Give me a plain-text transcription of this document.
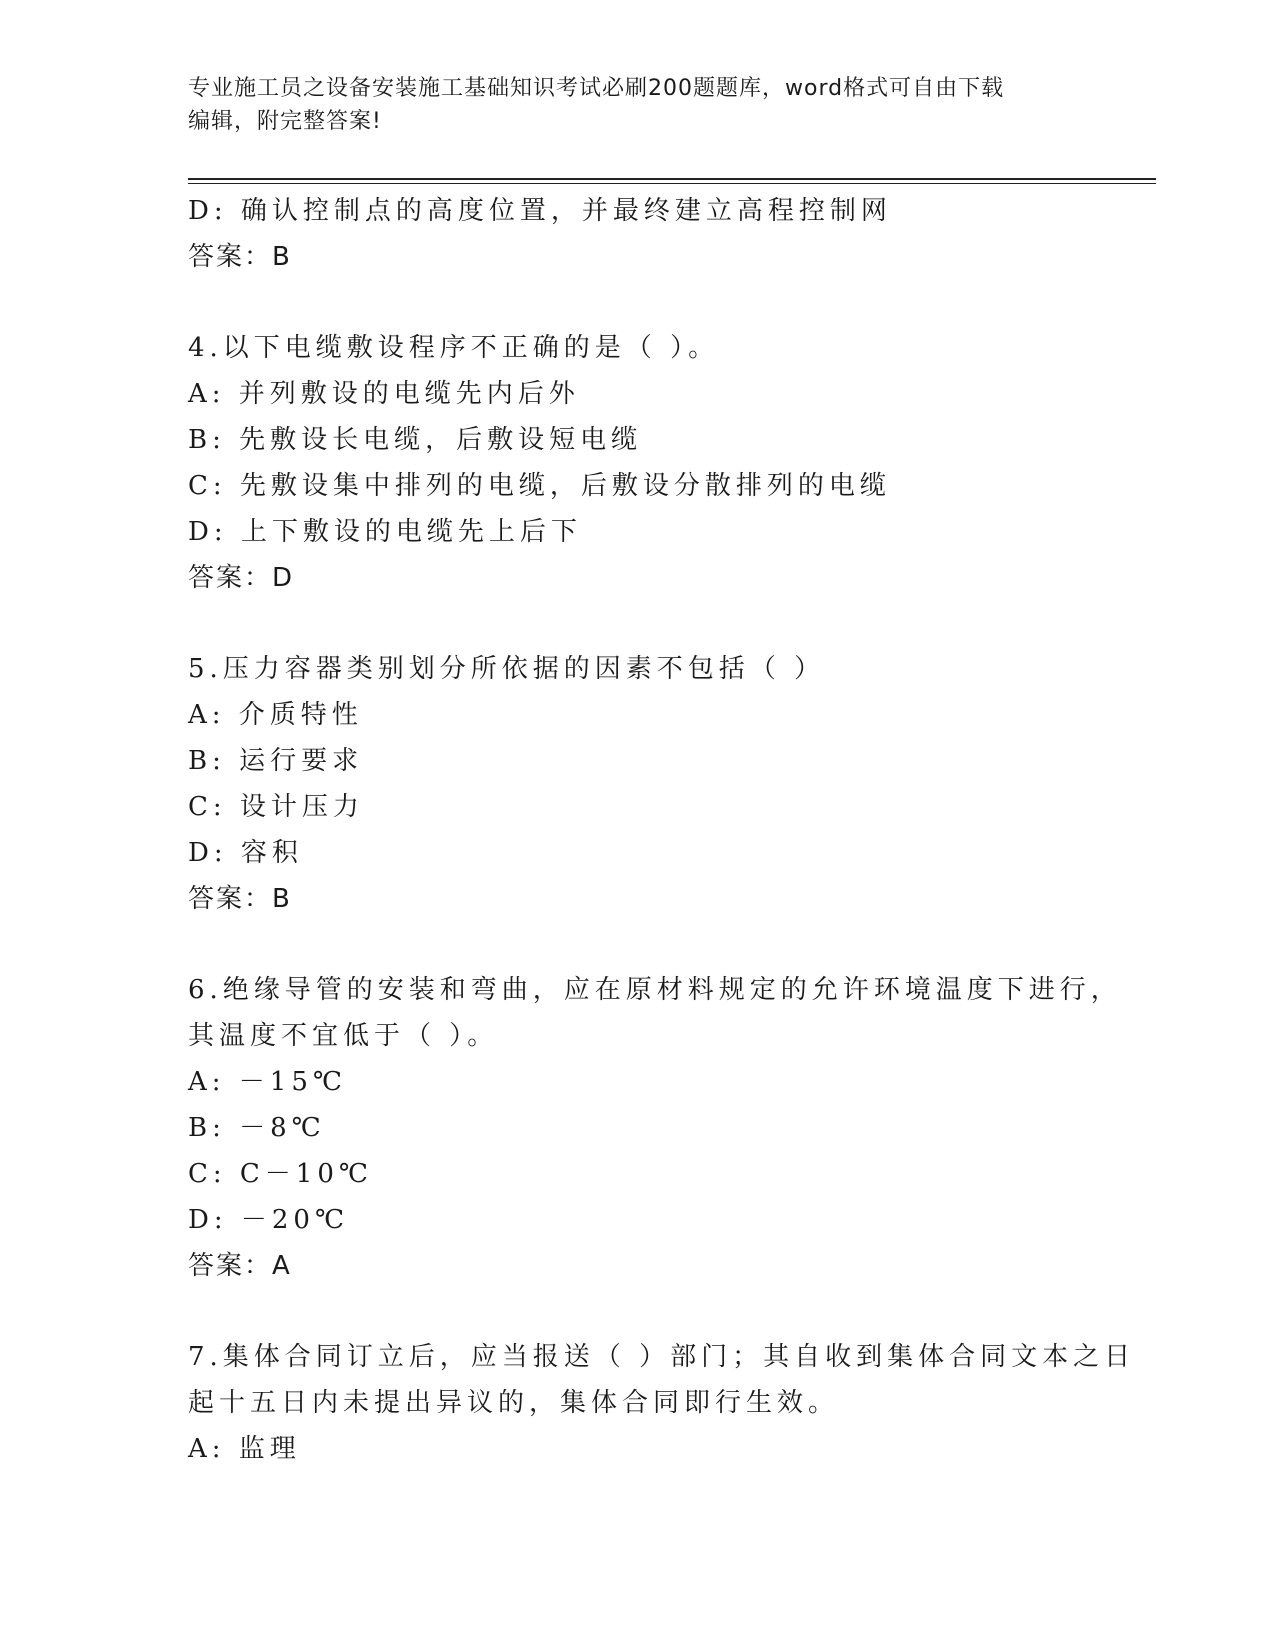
专业施工员之设备安装施工基础知识考试必刷200题题库，word格式可自由下载
编辑，附完整答案!
D: 确认控制点的高度位置，并最终建立高程控制网
答案：B
4.以下电缆敷设程序不正确的是（ ）。
A: 并列敷设的电缆先内后外
B: 先敷设长电缆，后敷设短电缆
C: 先敷设集中排列的电缆，后敷设分散排列的电缆
D: 上下敷设的电缆先上后下
答案：D
5.压力容器类别划分所依据的因素不包括（ ）
A: 介质特性
B: 运行要求
C: 设计压力
D: 容积
答案：B
6.绝缘导管的安装和弯曲，应在原材料规定的允许环境温度下进行，
其温度不宜低于（ ）。
A: －15℃
B: －8℃
C: C－10℃
D: －20℃
答案：A
7.集体合同订立后，应当报送（ ）部门；其自收到集体合同文本之日
起十五日内未提出异议的，集体合同即行生效。
A: 监理
